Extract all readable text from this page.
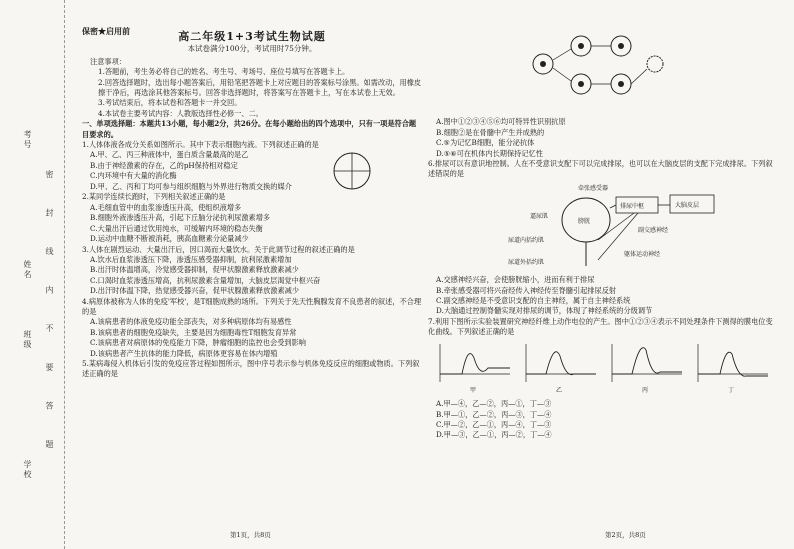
考号
姓名
班级
学校
密 封 线 内 不 要 答 题
保密★启用前	高二年级1+3考试生物试题
本试卷满分100分，考试用时75分钟。

注意事项：

1.答题前，考生务必将自己的姓名、考生号、考场号、座位号填写在答题卡上。

2.回答选择题时，选出每小题答案后，用铅笔把答题卡上对应题目的答案标号涂黑。如需改动，用橡皮擦干净后，再选涂其他答案标号。回答非选择题时，将答案写在答题卡上，写在本试卷上无效。

3.考试结束后，将本试卷和答题卡一并交回。

4.本试卷主要考试内容：人教版选择性必修一、二。

一、单项选择题：本题共13小题，每小题2分，共26分。在每小题给出的四个选项中，只有一项是符合题目要求的。

1.人体体液各成分关系如图所示。其中下表示细胞内液。下列叙述正确的是

A.甲、乙、丙三种液体中，蛋白质含量最高的是乙

B.由于神经激素的存在，乙的pH保持相对稳定

C.内环境中有大量的消化酶

D.甲、乙、丙和丁均可参与组织细胞与外界进行物质交换的媒介

2.某同学连续长跑时，下列相关叙述正确的是

A.毛细血管中的血浆渗透压升高，使组织液增多

B.细胞外液渗透压升高，引起下丘脑分泌抗利尿激素增多

C.大量出汗后通过饮用纯水，可缓解内环境的稳态失衡

D.运动中血糖不断被消耗，胰高血糖素分泌量减少

3.人体在剧烈运动、大量出汗后，因口渴而大量饮水。关于此调节过程的叙述正确的是

A.饮水后血浆渗透压下降，渗透压感受器抑制，抗利尿激素增加

B.出汗时体温增高，冷觉感受器抑制，促甲状腺激素释放激素减少

C.口渴时血浆渗透压增高，抗利尿激素含量增加，大脑皮层渴觉中枢兴奋

D.出汗时体温下降，热觉感受器兴奋，促甲状腺激素释放激素减少

4.病原体被称为人体的免疫'军校'，是T细胞成熟的场所。下列关于先天性胸腺发育不良患者的叙述，不合理的是

A.该病患者的体液免疫功能全部丧失，对多种病原体均有易感性

B.该病患者的细胞免疫缺失，主要是因为细胞毒性T细胞发育异常

C.该病患者对病原体的免疫能力下降，肿瘤细胞的监控也会受到影响

D.该病患者产生抗体的能力降低，病原体更容易在体内增殖

5.某病毒侵入机体后引发的免疫应答过程如图所示，图中序号表示参与机体免疫反应的细胞或物质。下列叙述正确的是

A.图中①②③④⑤⑥均可特异性识别抗原

B.细胞②是在骨髓中产生并成熟的

C.⑤为记忆B细胞，能分泌抗体

D.⑤⑥可在机体内长期保持记忆性

6.排尿可以有意识地控制。人在不受意识支配下可以完成排尿，也可以在大脑皮层的支配下完成排尿。下列叙述错误的是

大脑皮层
排尿中枢
牵张感受器
膀胱
逼尿肌
尿道内括约肌
尿道外括约肌
副交感神经
躯体运动神经

A.交感神经兴奋，会使膀胱缩小，进而有利于排尿

B.牵张感受器可将兴奋经传入神经传至脊髓引起排尿反射

C.副交感神经是不受意识支配的自主神经，属于自主神经系统

D.大脑通过控制脊髓实现对排尿的调节，体现了神经系统的分级调节

7.利用下图所示实验装置研究神经纤维上动作电位的产生。图中①②③④表示不同处理条件下测得的膜电位变化曲线。下列叙述正确的是

甲	乙	丙	丁

A.甲—④，乙—②，丙—①，丁—③

B.甲—①，乙—②，丙—③，丁—④

C.甲—②，乙—①，丙—④，丁—③

D.甲—③，乙—①，丙—②，丁—④

第1页，共8页	第2页，共8页
